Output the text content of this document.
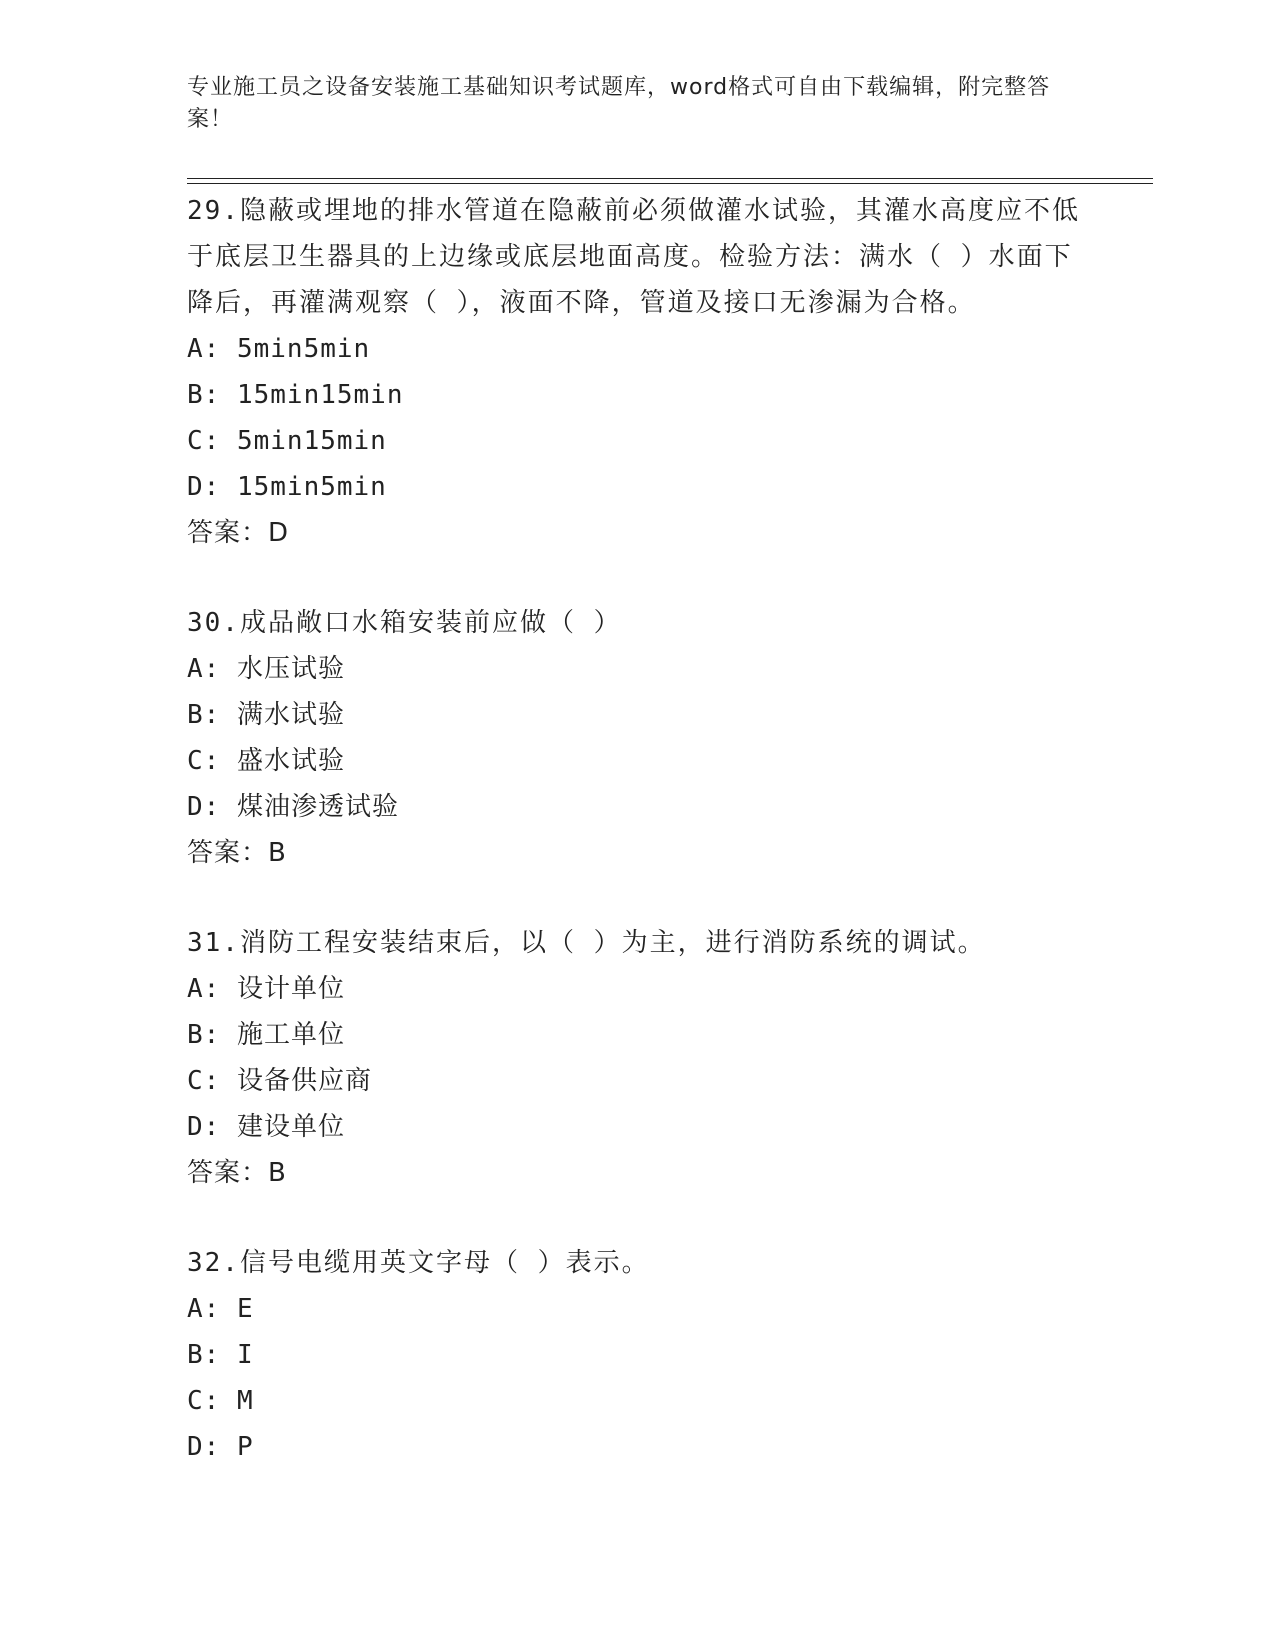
专业施工员之设备安装施工基础知识考试题库，word格式可自由下载编辑，附完整答案！

29.隐蔽或埋地的排水管道在隐蔽前必须做灌水试验，其灌水高度应不低于底层卫生器具的上边缘或底层地面高度。检验方法：满水（ ）水面下降后，再灌满观察（ ），液面不降，管道及接口无渗漏为合格。

A: 5min5min

B: 15min15min

C: 5min15min

D: 15min5min

答案：D

30.成品敞口水箱安装前应做（ ）

A: 水压试验

B: 满水试验

C: 盛水试验

D: 煤油渗透试验

答案：B

31.消防工程安装结束后，以（ ）为主，进行消防系统的调试。

A: 设计单位

B: 施工单位

C: 设备供应商

D: 建设单位

答案：B

32.信号电缆用英文字母（ ）表示。

A: E

B: I

C: M

D: P
